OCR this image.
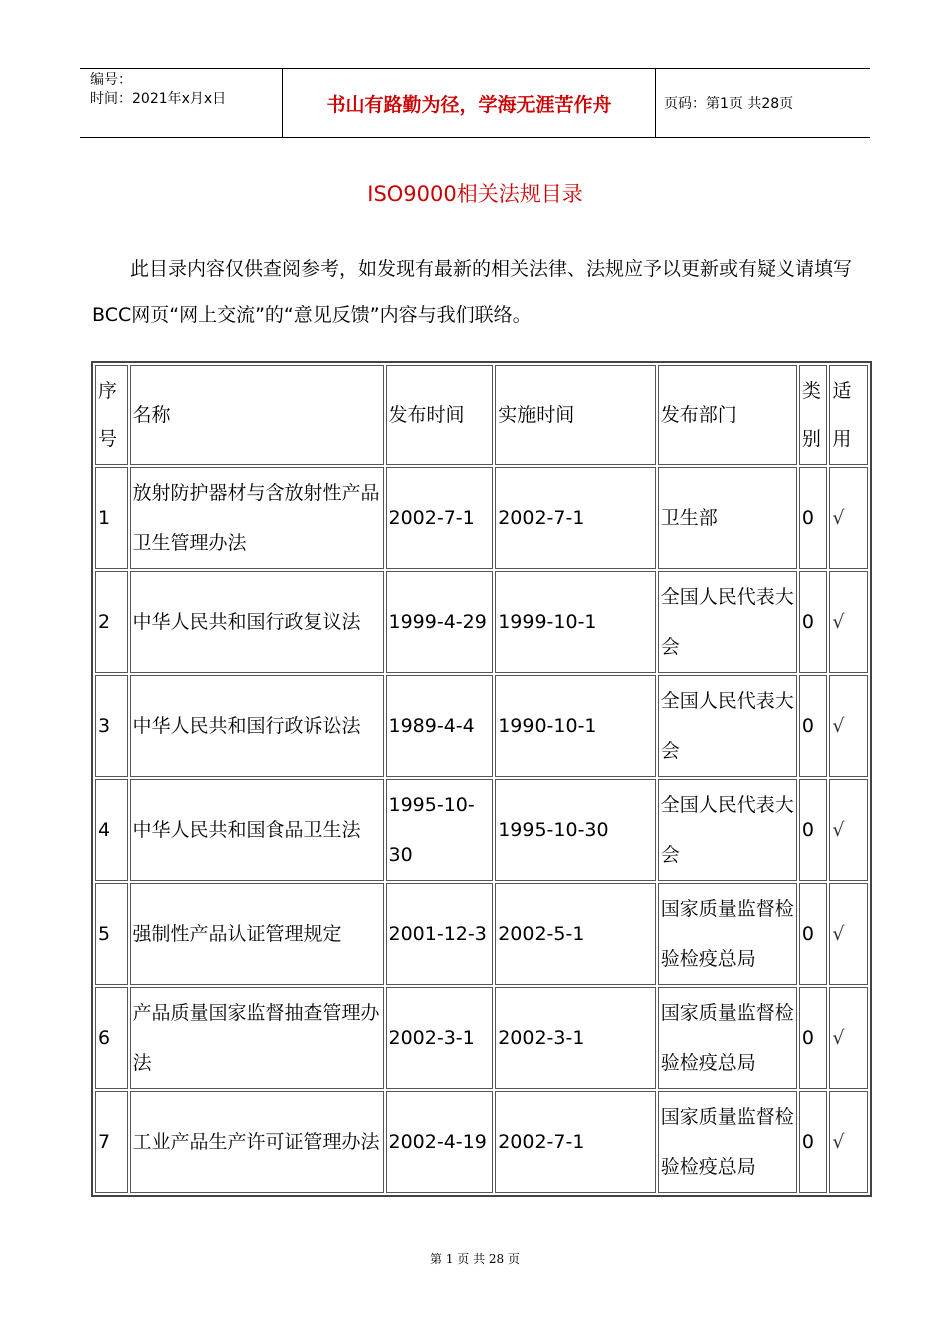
编号：
时间：2021年x月x日	书山有路勤为径，学海无涯苦作舟	页码：第1页 共28页
ISO9000相关法规目录
此目录内容仅供查阅参考，如发现有最新的相关法律、法规应予以更新或有疑义请填写BCC网页“网上交流”的“意见反馈”内容与我们联络。
序号	名称	发布时间	实施时间	发布部门	类别	适用
1	放射防护器材与含放射性产品卫生管理办法	2002-7-1	2002-7-1	卫生部	0	√
2	中华人民共和国行政复议法	1999-4-29	1999-10-1	全国人民代表大会	0	√
3	中华人民共和国行政诉讼法	1989-4-4	1990-10-1	全国人民代表大会	0	√
4	中华人民共和国食品卫生法	1995-10-30	1995-10-30	全国人民代表大会	0	√
5	强制性产品认证管理规定	2001-12-3	2002-5-1	国家质量监督检验检疫总局	0	√
6	产品质量国家监督抽查管理办法	2002-3-1	2002-3-1	国家质量监督检验检疫总局	0	√
7	工业产品生产许可证管理办法	2002-4-19	2002-7-1	国家质量监督检验检疫总局	0	√
第 1 页 共 28 页
